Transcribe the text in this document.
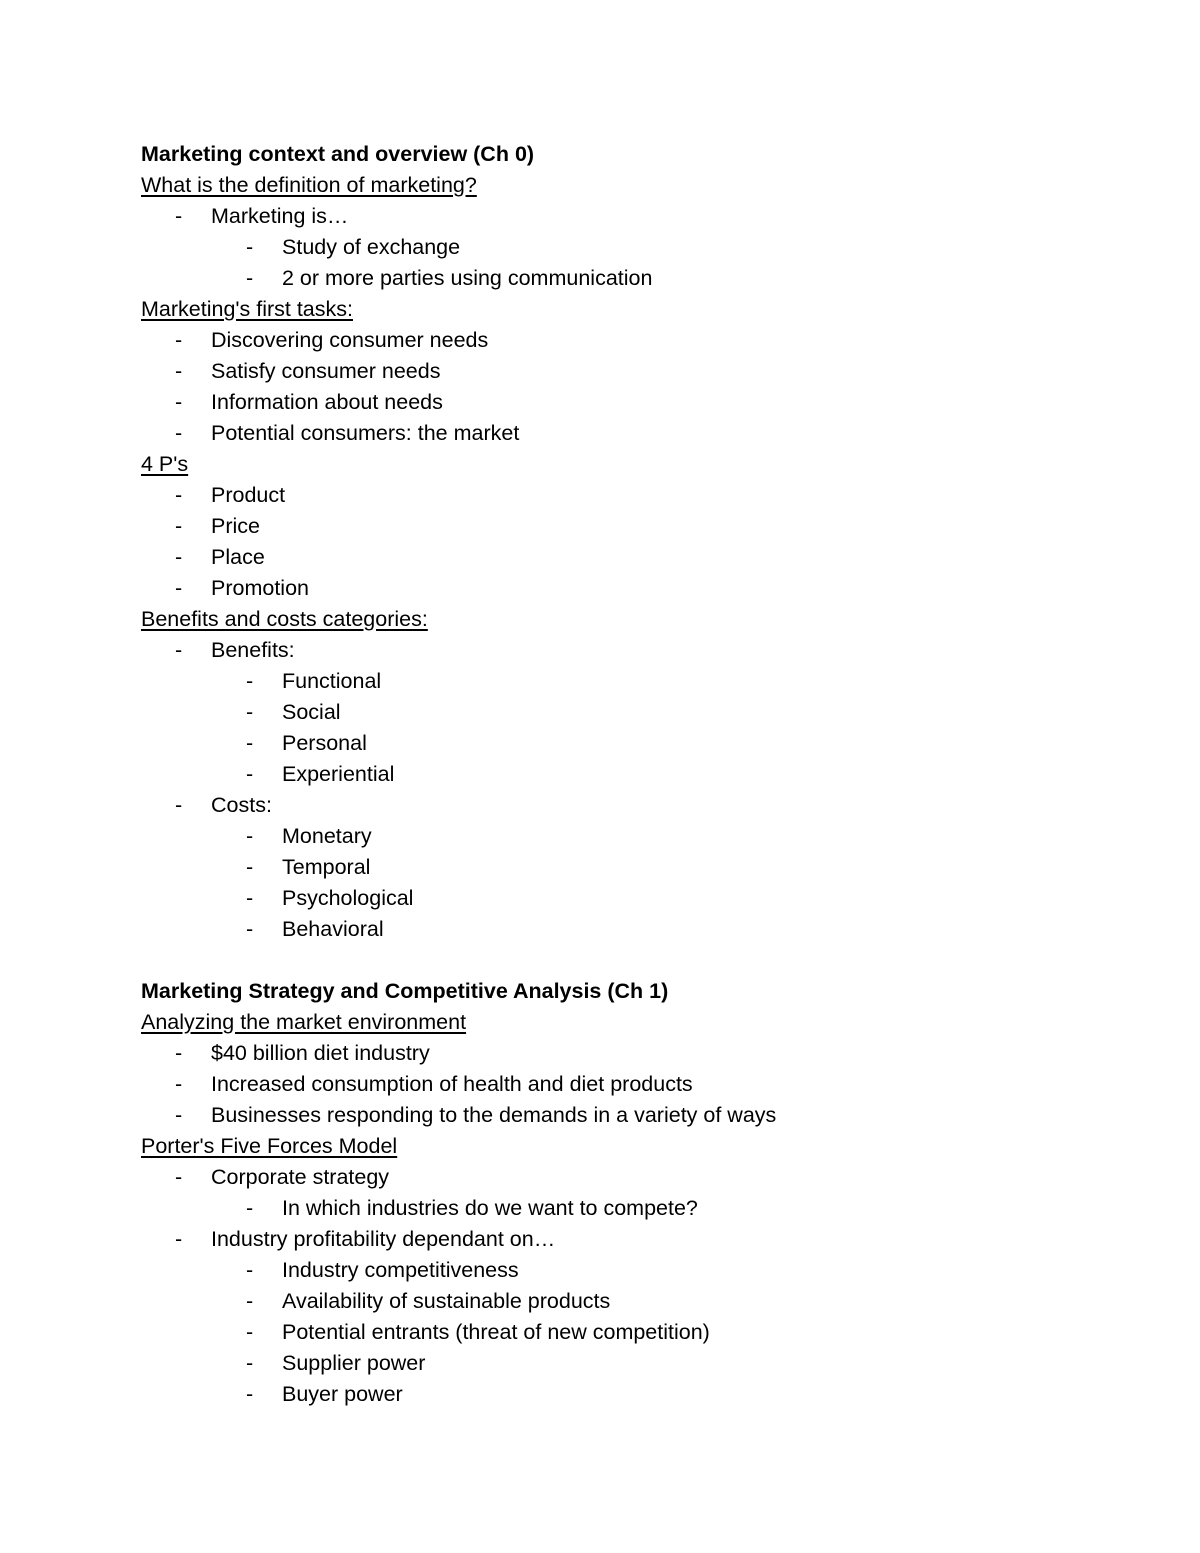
Marketing context and overview (Ch 0)
What is the definition of marketing?
- Marketing is…
- Study of exchange
- 2 or more parties using communication
Marketing's first tasks:
- Discovering consumer needs
- Satisfy consumer needs
- Information about needs
- Potential consumers: the market
4 P's
- Product
- Price
- Place
- Promotion
Benefits and costs categories:
- Benefits:
- Functional
- Social
- Personal
- Experiential
- Costs:
- Monetary
- Temporal
- Psychological
- Behavioral
Marketing Strategy and Competitive Analysis (Ch 1)
Analyzing the market environment
- $40 billion diet industry
- Increased consumption of health and diet products
- Businesses responding to the demands in a variety of ways
Porter's Five Forces Model
- Corporate strategy
- In which industries do we want to compete?
- Industry profitability dependant on…
- Industry competitiveness
- Availability of sustainable products
- Potential entrants (threat of new competition)
- Supplier power
- Buyer power
